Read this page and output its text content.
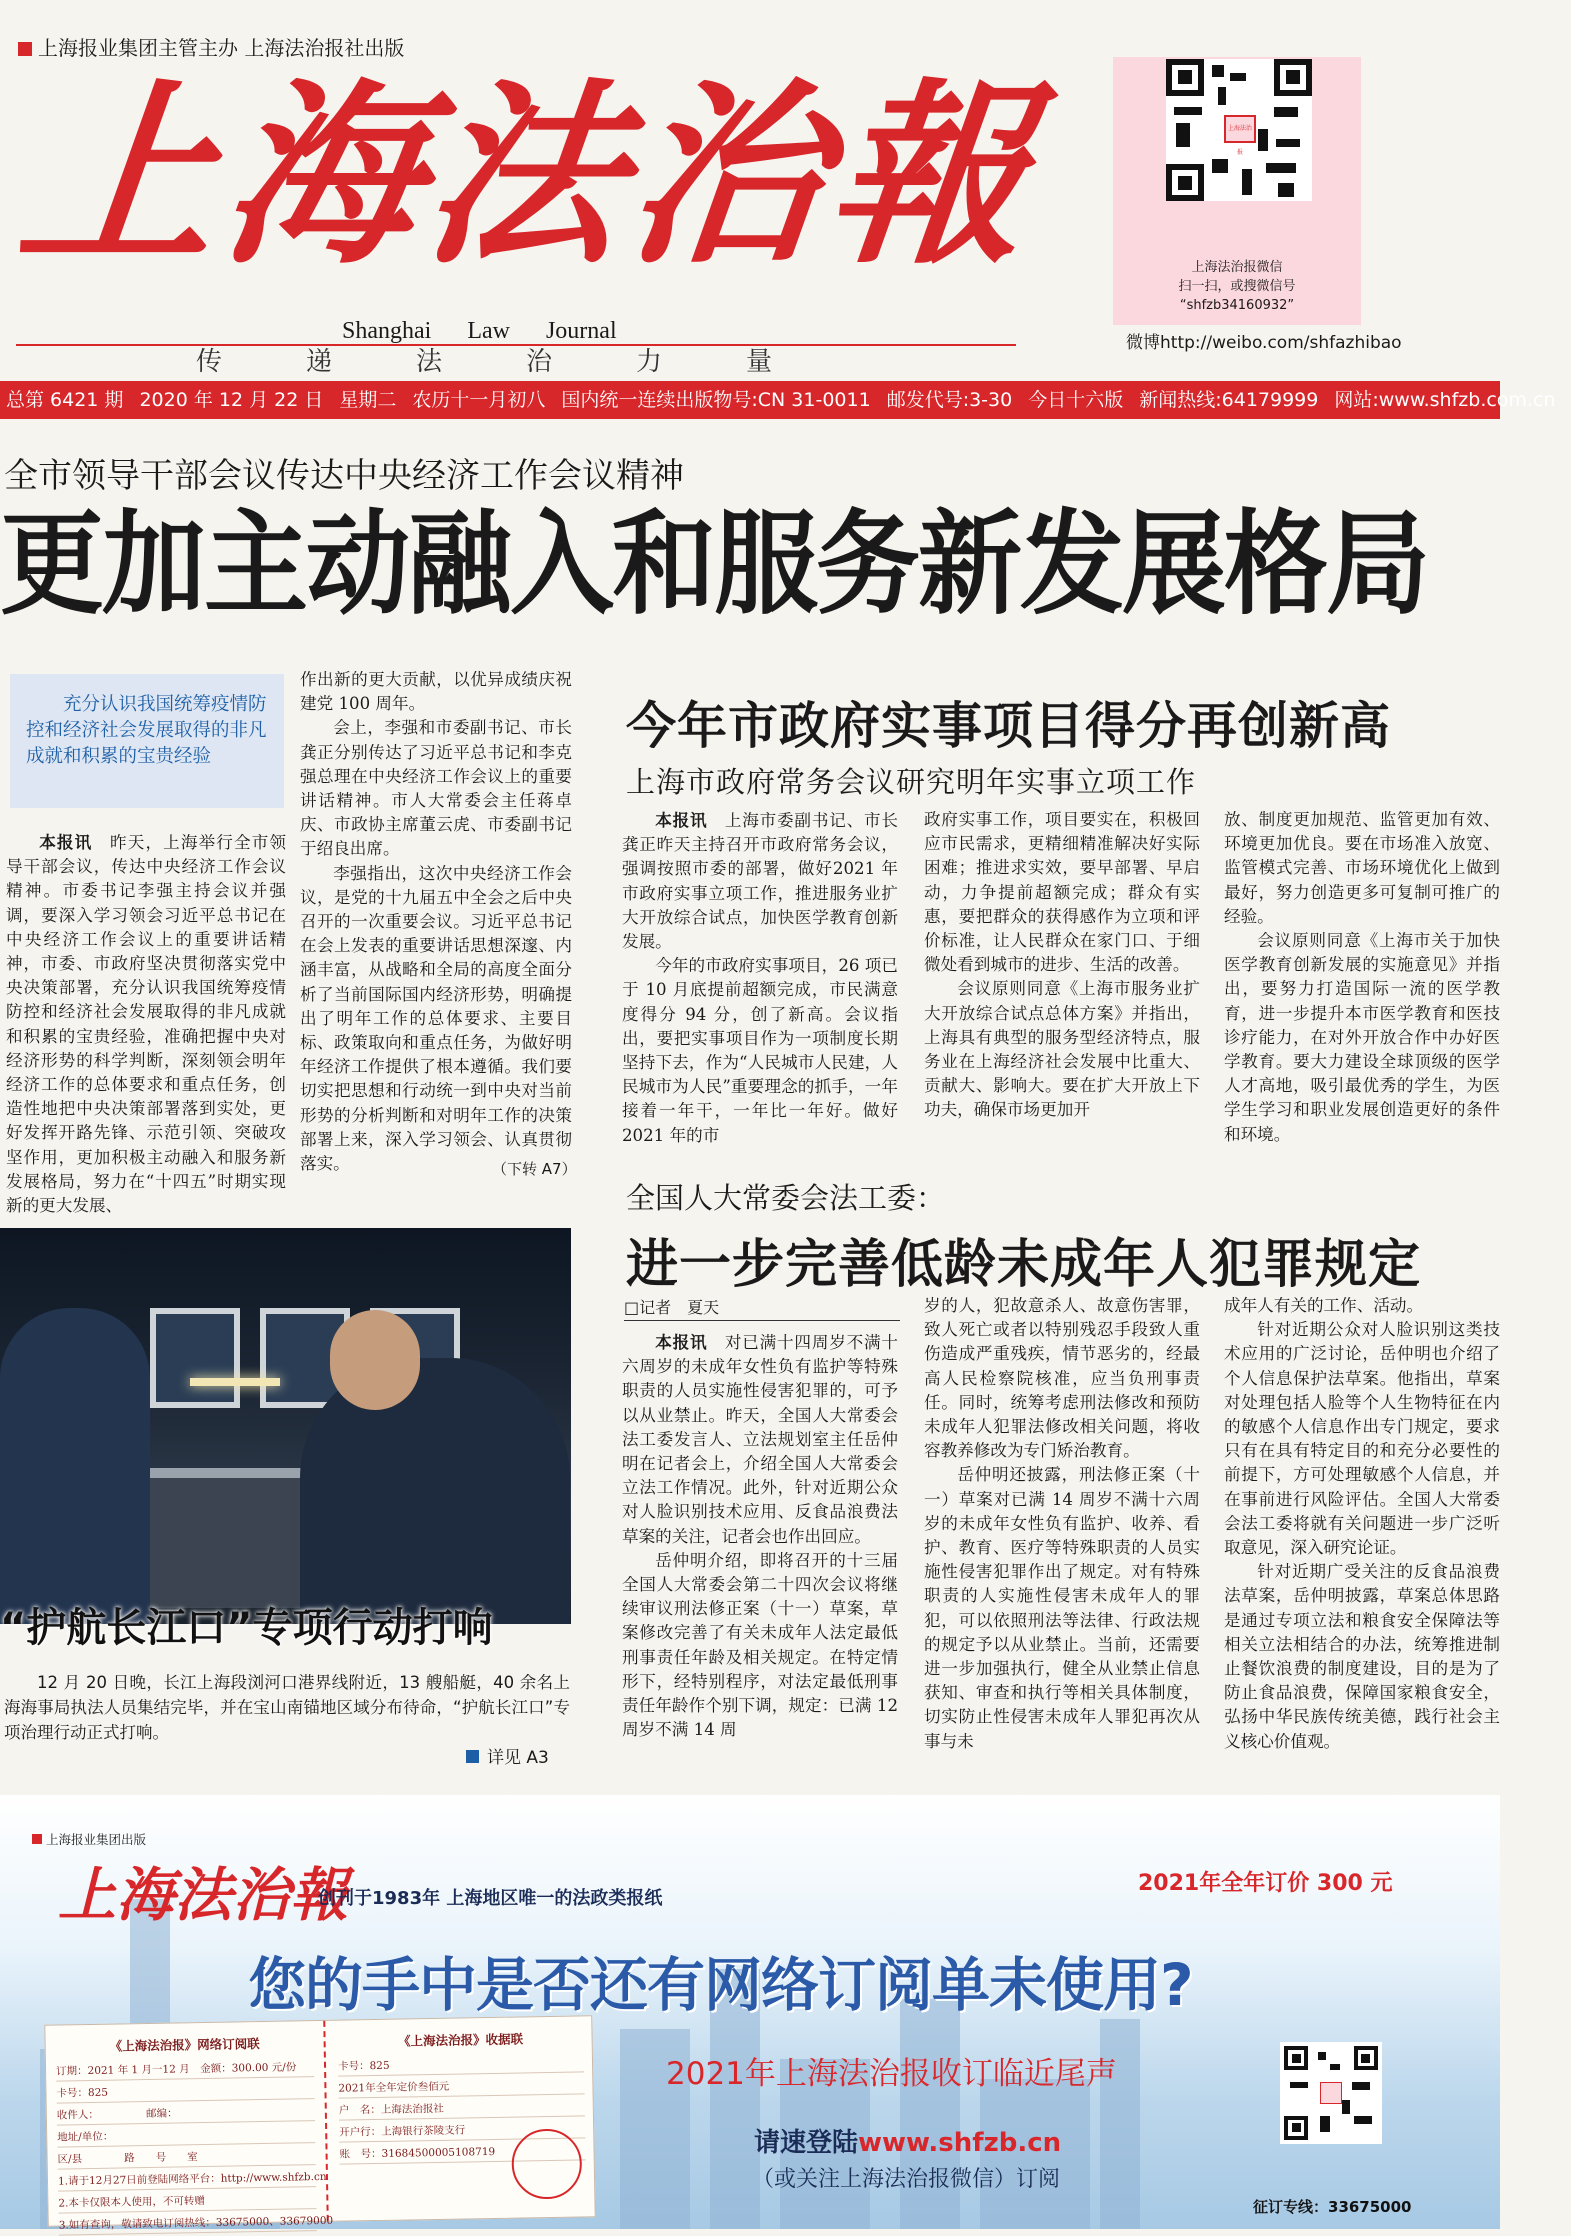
上海报业集团主管主办 上海法治报社出版
上海法治報
Shanghai Law Journal
传递法治力量
上海法治报
上海法治报微信
扫一扫，或搜微信号
“shfzb34160932”
微博http://weibo.com/shfazhibao
总第 6421 期 2020 年 12 月 22 日 星期二 农历十一月初八 国内统一连续出版物号:CN 31-0011 邮发代号:3-30 今日十六版 新闻热线:64179999 网站:www.shfzb.com.cn
全市领导干部会议传达中央经济工作会议精神
更加主动融入和服务新发展格局
充分认识我国统筹疫情防控和经济社会发展取得的非凡成就和积累的宝贵经验

本报讯　 昨天，上海举行全市领导干部会议，传达中央经济工作会议精神。市委书记李强主持会议并强调，要深入学习领会习近平总书记在中央经济工作会议上的重要讲话精神，市委、市政府坚决贯彻落实党中央决策部署，充分认识我国统筹疫情防控和经济社会发展取得的非凡成就和积累的宝贵经验，准确把握中央对经济形势的科学判断，深刻领会明年经济工作的总体要求和重点任务，创造性地把中央决策部署落到实处，更好发挥开路先锋、示范引领、突破攻坚作用，更加积极主动融入和服务新发展格局，努力在“十四五”时期实现新的更大发展、

作出新的更大贡献，以优异成绩庆祝建党 100 周年。

会上，李强和市委副书记、市长龚正分别传达了习近平总书记和李克强总理在中央经济工作会议上的重要讲话精神。市人大常委会主任蒋卓庆、市政协主席董云虎、市委副书记于绍良出席。

李强指出，这次中央经济工作会议，是党的十九届五中全会之后中央召开的一次重要会议。习近平总书记在会上发表的重要讲话思想深邃、内涵丰富，从战略和全局的高度全面分析了当前国际国内经济形势，明确提出了明年工作的总体要求、主要目标、政策取向和重点任务，为做好明年经济工作提供了根本遵循。我们要切实把思想和行动统一到中央对当前形势的分析判断和对明年工作的决策部署上来，深入学习领会、认真贯彻落实。	（下转 A7）
今年市政府实事项目得分再创新高
上海市政府常务会议研究明年实事立项工作

本报讯　 上海市委副书记、市长龚正昨天主持召开市政府常务会议，强调按照市委的部署，做好2021 年市政府实事立项工作，推进服务业扩大开放综合试点，加快医学教育创新发展。

今年的市政府实事项目，26 项已于 10 月底提前超额完成，市民满意度得分 94 分，创了新高。会议指出，要把实事项目作为一项制度长期坚持下去，作为“人民城市人民建，人民城市为人民”重要理念的抓手，一年接着一年干，一年比一年好。做好 2021 年的市

政府实事工作，项目要实在，积极回应市民需求，更精细精准解决好实际困难；推进求实效，要早部署、早启动，力争提前超额完成；群众有实惠，要把群众的获得感作为立项和评价标准，让人民群众在家门口、于细微处看到城市的进步、生活的改善。

会议原则同意《上海市服务业扩大开放综合试点总体方案》并指出，上海具有典型的服务型经济特点，服务业在上海经济社会发展中比重大、贡献大、影响大。要在扩大开放上下功夫，确保市场更加开

放、制度更加规范、监管更加有效、环境更加优良。要在市场准入放宽、监管模式完善、市场环境优化上做到最好，努力创造更多可复制可推广的经验。

会议原则同意《上海市关于加快医学教育创新发展的实施意见》并指出，要努力打造国际一流的医学教育，进一步提升本市医学教育和医技诊疗能力，在对外开放合作中办好医学教育。要大力建设全球顶级的医学人才高地，吸引最优秀的学生，为医学生学习和职业发展创造更好的条件和环境。

全国人大常委会法工委：
进一步完善低龄未成年人犯罪规定
□记者　夏天

本报讯　 对已满十四周岁不满十六周岁的未成年女性负有监护等特殊职责的人员实施性侵害犯罪的，可予以从业禁止。昨天，全国人大常委会法工委发言人、立法规划室主任岳仲明在记者会上，介绍全国人大常委会立法工作情况。此外，针对近期公众对人脸识别技术应用、反食品浪费法草案的关注，记者会也作出回应。

岳仲明介绍，即将召开的十三届全国人大常委会第二十四次会议将继续审议刑法修正案（十一）草案，草案修改完善了有关未成年人法定最低刑事责任年龄及相关规定。在特定情形下，经特别程序，对法定最低刑事责任年龄作个别下调，规定：已满 12 周岁不满 14 周

岁的人，犯故意杀人、故意伤害罪，致人死亡或者以特别残忍手段致人重伤造成严重残疾，情节恶劣的，经最高人民检察院核准，应当负刑事责任。同时，统筹考虑刑法修改和预防未成年人犯罪法修改相关问题，将收容教养修改为专门矫治教育。

岳仲明还披露，刑法修正案（十一）草案对已满 14 周岁不满十六周岁的未成年女性负有监护、收养、看护、教育、医疗等特殊职责的人员实施性侵害犯罪作出了规定。对有特殊职责的人实施性侵害未成年人的罪犯，可以依照刑法等法律、行政法规的规定予以从业禁止。当前，还需要进一步加强执行，健全从业禁止信息获知、审查和执行等相关具体制度，切实防止性侵害未成年人罪犯再次从事与未

成年人有关的工作、活动。

针对近期公众对人脸识别这类技术应用的广泛讨论，岳仲明也介绍了个人信息保护法草案。他指出，草案对处理包括人脸等个人生物特征在内的敏感个人信息作出专门规定，要求只有在具有特定目的和充分必要性的前提下，方可处理敏感个人信息，并在事前进行风险评估。全国人大常委会法工委将就有关问题进一步广泛听取意见，深入研究论证。

针对近期广受关注的反食品浪费法草案，岳仲明披露，草案总体思路是通过专项立法和粮食安全保障法等相关立法相结合的办法，统筹推进制止餐饮浪费的制度建设，目的是为了防止食品浪费，保障国家粮食安全，弘扬中华民族传统美德，践行社会主义核心价值观。

“护航长江口”专项行动打响
12 月 20 日晚，长江上海段浏河口港界线附近，13 艘船艇，40 余名上海海事局执法人员集结完毕，并在宝山南锚地区域分布待命，“护航长江口”专项治理行动正式打响。
详见 A3
上海报业集团出版
上海法治報
创刊于1983年 上海地区唯一的法政类报纸
2021年全年订价 300 元
您的手中是否还有网络订阅单未使用?
2021年上海法治报收订临近尾声
请速登陆www.shfzb.cn
（或关注上海法治报微信）订阅
征订专线：33675000
《上海法治报》网络订阅联
订期：2021 年 1 月一12 月　金额：300.00 元/份
卡号：825
收件人：　　　　　邮编：
地址/单位：
区/县　　　　路　　号　　室
1.请于12月27日前登陆网络平台：http://www.shfzb.cn
2.本卡仅限本人使用，不可转赠
3.如有查询，敬请致电订阅热线：33675000、33679000
《上海法治报》收据联
卡号：825
2021年全年定价叁佰元
户　名：上海法治报社
开户行：上海银行茶陵支行
账　号：31684500005108719
